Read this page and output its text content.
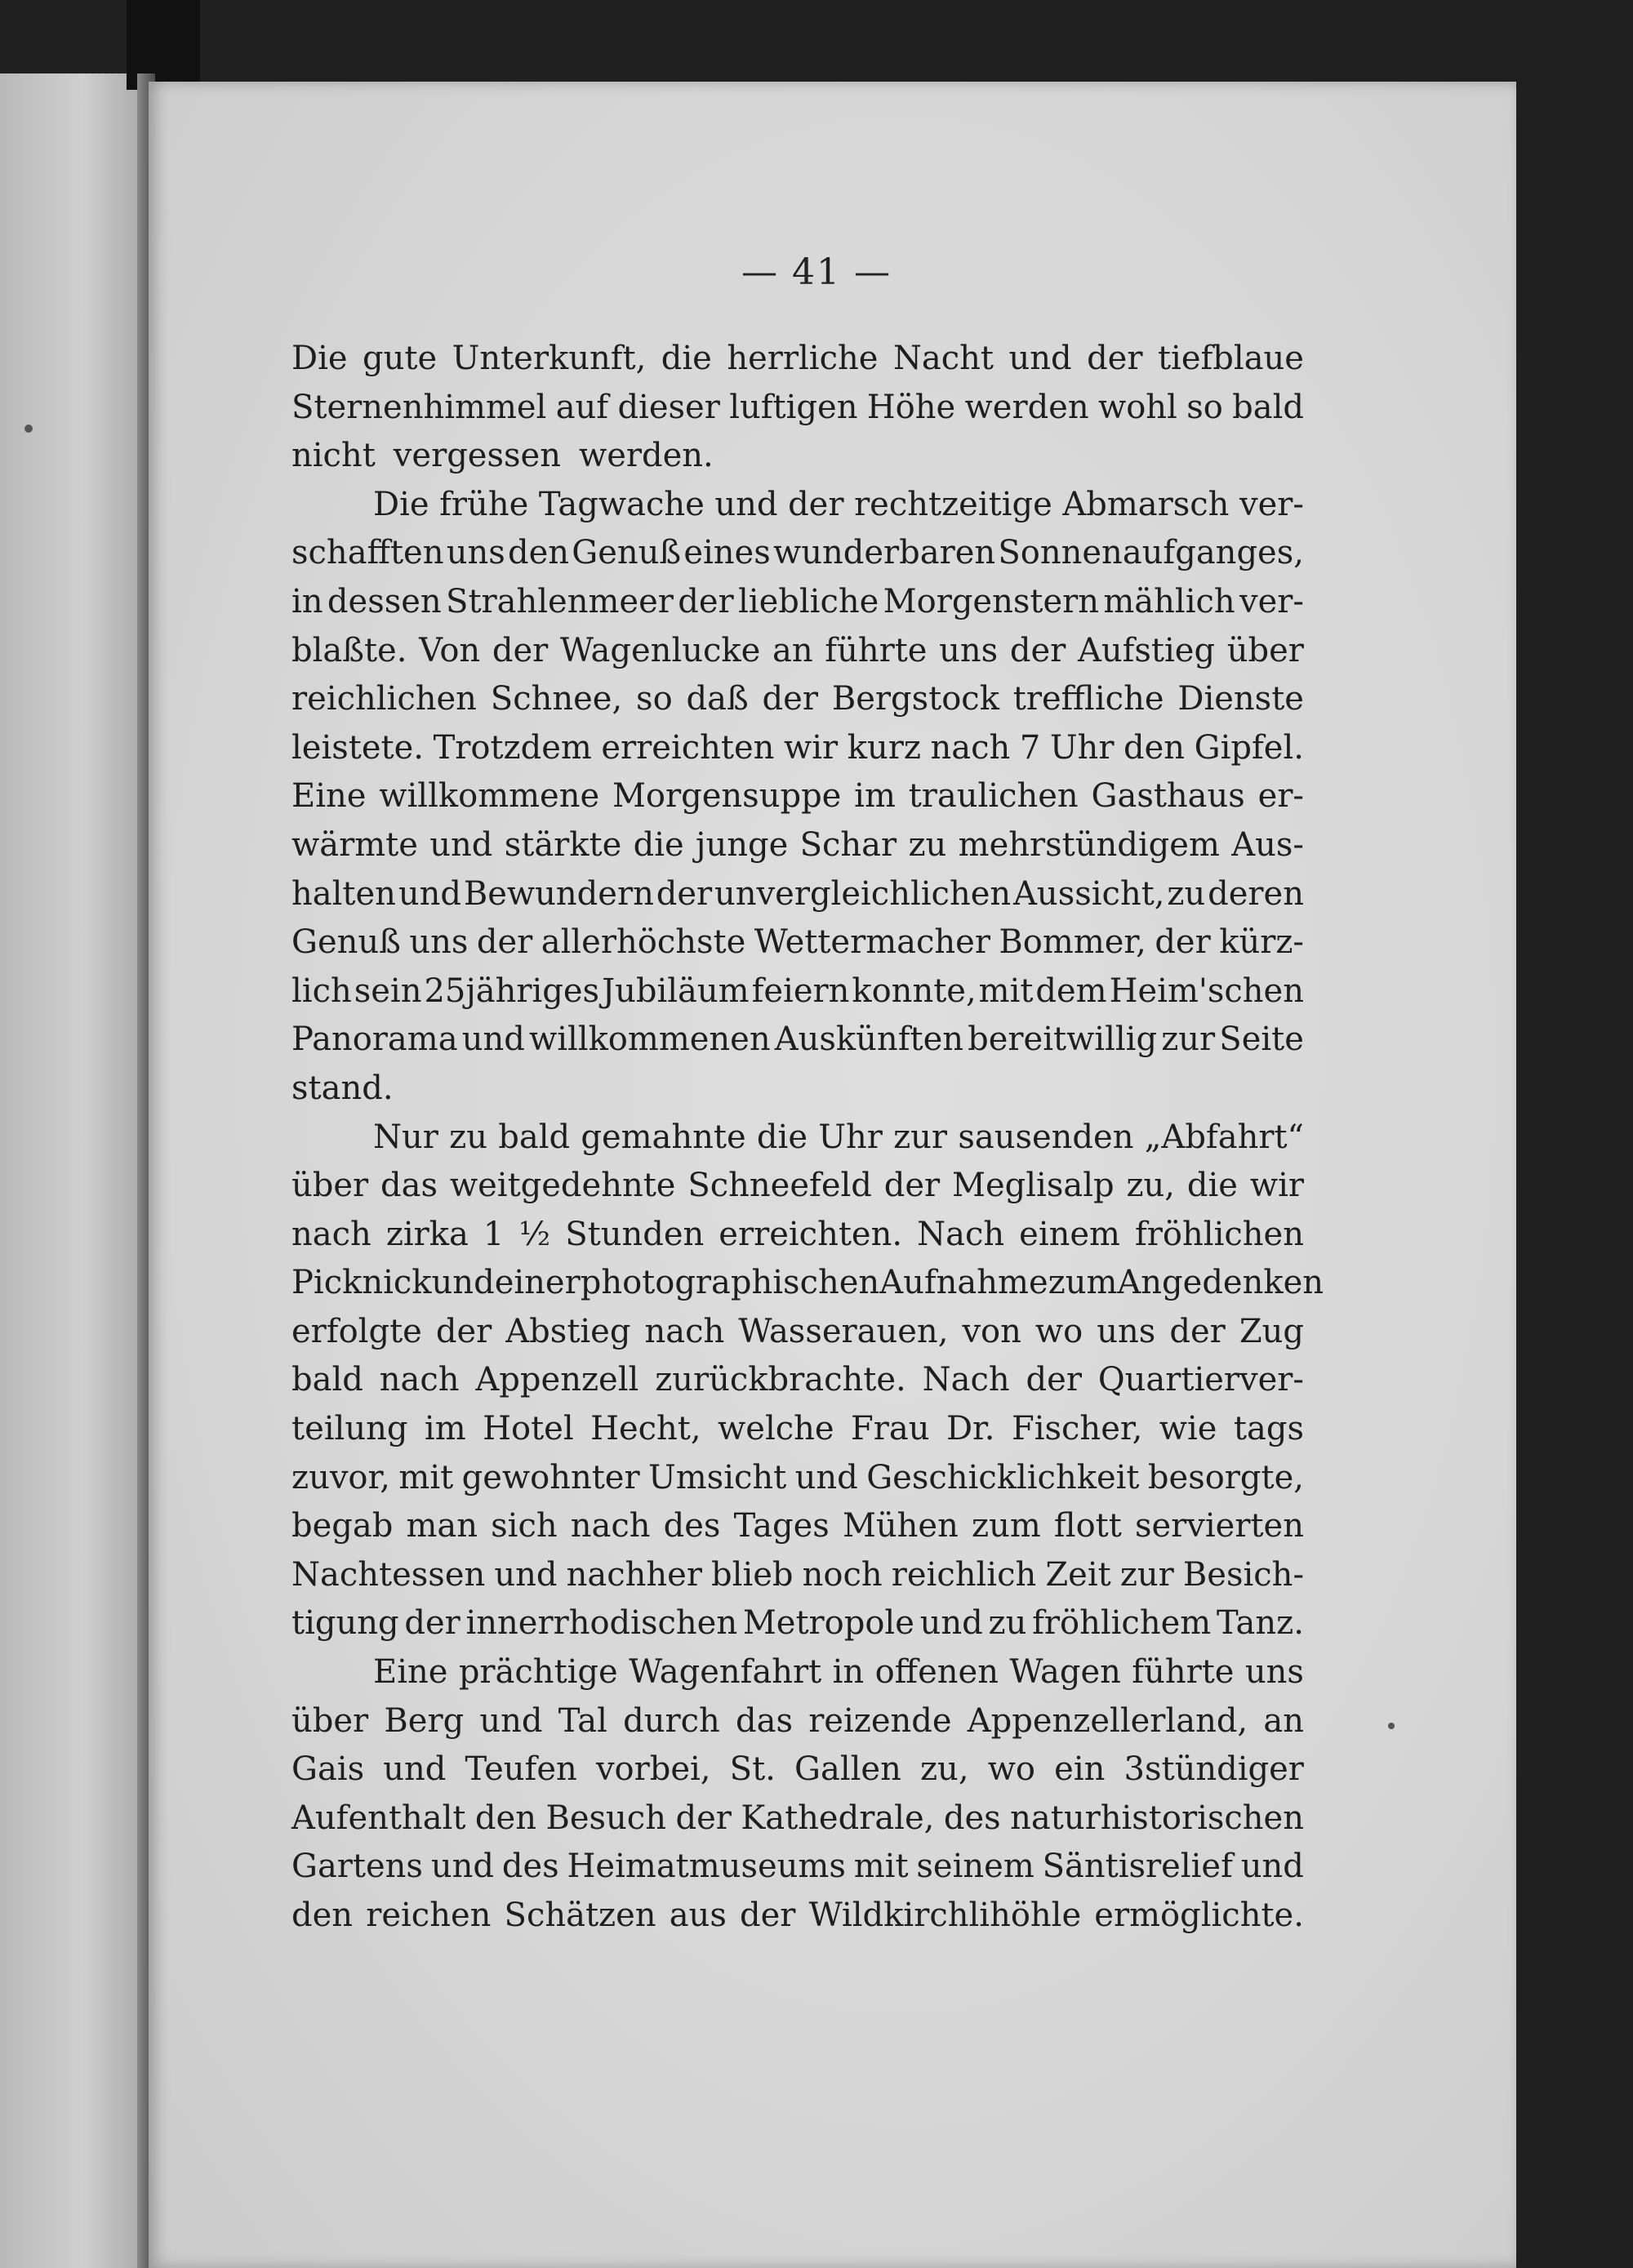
— 41 —
Die gute Unterkunft, die herrliche Nacht und der tiefblaue
Sternenhimmel auf dieser luftigen Höhe werden wohl so bald
nicht vergessen werden.
Die frühe Tagwache und der rechtzeitige Abmarsch ver-
schafften uns den Genuß eines wunderbaren Sonnenaufganges,
in dessen Strahlenmeer der liebliche Morgenstern mählich ver-
blaßte. Von der Wagenlucke an führte uns der Aufstieg über
reichlichen Schnee, so daß der Bergstock treffliche Dienste
leistete. Trotzdem erreichten wir kurz nach 7 Uhr den Gipfel.
Eine willkommene Morgensuppe im traulichen Gasthaus er-
wärmte und stärkte die junge Schar zu mehrstündigem Aus-
halten und Bewundern der unvergleichlichen Aussicht, zu deren
Genuß uns der allerhöchste Wettermacher Bommer, der kürz-
lich sein 25jähriges Jubiläum feiern konnte, mit dem Heim'schen
Panorama und willkommenen Auskünften bereitwillig zur Seite
stand.
Nur zu bald gemahnte die Uhr zur sausenden „Abfahrt“
über das weitgedehnte Schneefeld der Meglisalp zu, die wir
nach zirka 1 ½ Stunden erreichten. Nach einem fröhlichen
Picknick und einer photographischen Aufnahme zum Angedenken
erfolgte der Abstieg nach Wasserauen, von wo uns der Zug
bald nach Appenzell zurückbrachte. Nach der Quartierver-
teilung im Hotel Hecht, welche Frau Dr. Fischer, wie tags
zuvor, mit gewohnter Umsicht und Geschicklichkeit besorgte,
begab man sich nach des Tages Mühen zum flott servierten
Nachtessen und nachher blieb noch reichlich Zeit zur Besich-
tigung der innerrhodischen Metropole und zu fröhlichem Tanz.
Eine prächtige Wagenfahrt in offenen Wagen führte uns
über Berg und Tal durch das reizende Appenzellerland, an
Gais und Teufen vorbei, St. Gallen zu, wo ein 3stündiger
Aufenthalt den Besuch der Kathedrale, des naturhistorischen
Gartens und des Heimatmuseums mit seinem Säntisrelief und
den reichen Schätzen aus der Wildkirchlihöhle ermöglichte.
